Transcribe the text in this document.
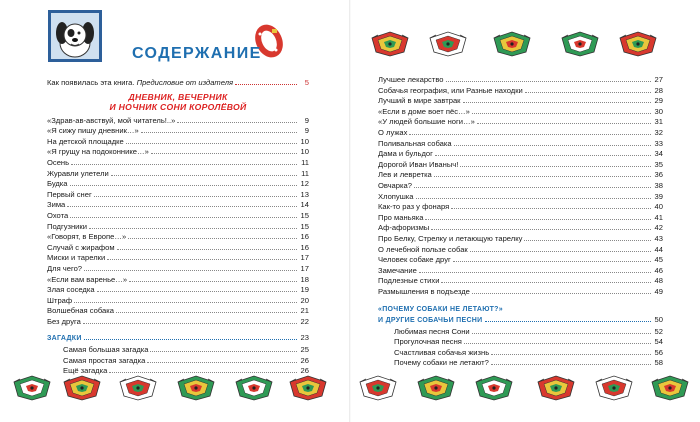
СОДЕРЖАНИЕ
Как появилась эта книга. Предисловие от издателя	5
ДНЕВНИК, ВЕЧЕРНИК
И НОЧНИК СОНИ КОРОЛЁВОЙ
«Здрав-ав-авствуй, мой читатель!..»	9
«Я сижу пишу дневник…»	9
На детской площадке	10
«Я грущу на подоконнике…»	10
Осень	11
Журавли улетели	11
Будка	12
Первый снег	13
Зима	14
Охота	15
Подгузники	15
«Говорят, в Европе…»	16
Случай с жирафом	16
Миски и тарелки	17
Для чего?	17
«Если вам варенье…»	18
Злая соседка	19
Штраф	20
Волшебная собака	21
Без друга	22
ЗАГАДКИ	23
Самая большая загадка	25
Самая простая загадка	26
Ещё загадка	26
Лучшее лекарство	27
Собачья география, или Разные находки	28
Лучший в мире завтрак	29
«Если в доме воет пёс…»	30
«У людей большие ноги…»	31
О лужах	32
Поливальная собака	33
Дама и бульдог	34
Дорогой Иван Иваныч!	35
Лев и левретка	36
Овчарка?	38
Хлопушка	39
Как-то раз у фонаря	40
Про маньяка	41
Аф-афоризмы	42
Про Белку, Стрелку и летающую тарелку	43
О лечебной пользе собак	44
Человек собаке друг	45
Замечание	46
Подлезные стихи	48
Размышления в подъезде	49
«ПОЧЕМУ СОБАКИ НЕ ЛЕТАЮТ?»
И ДРУГИЕ СОБАЧЬИ ПЕСНИ	50
Любимая песня Сони	52
Прогулочная песня	54
Счастливая собачья жизнь	56
Почему собаки не летают?	58
